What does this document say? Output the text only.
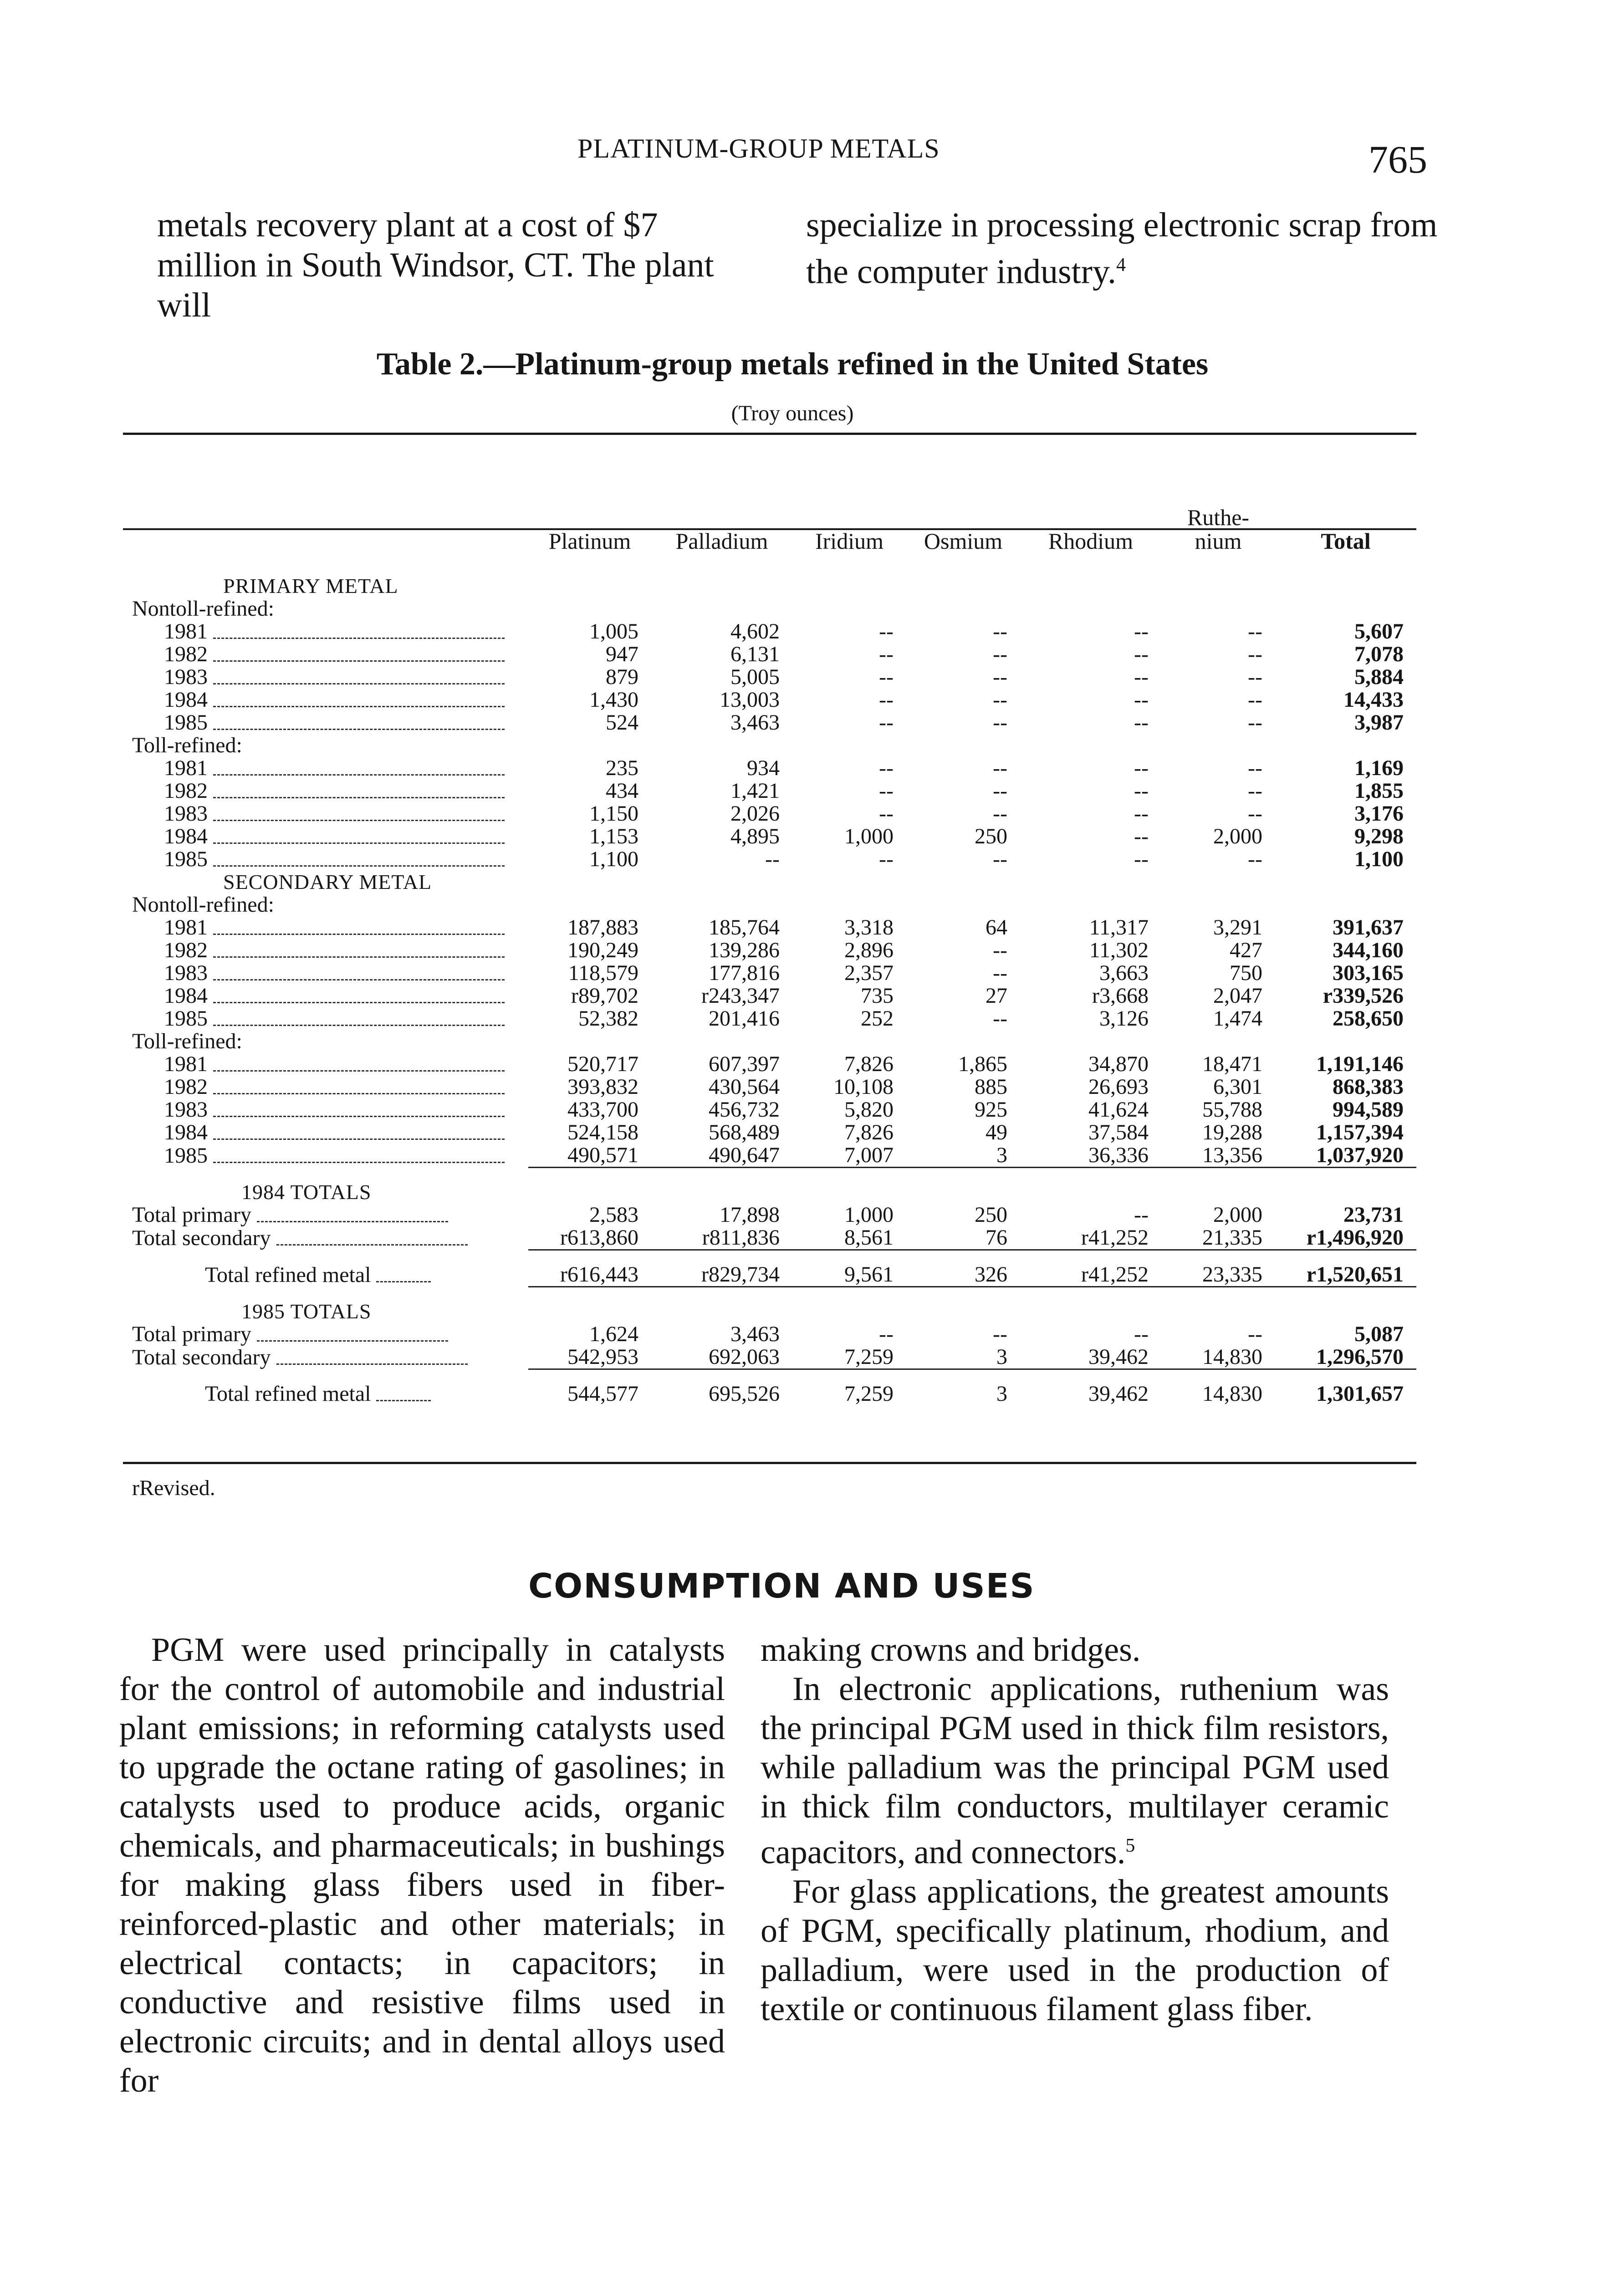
PLATINUM-GROUP METALS	765
metals recovery plant at a cost of $7 million in South Windsor, CT. The plant will
specialize in processing electronic scrap from the computer industry.$^4$
Table 2.—Platinum-group metals refined in the United States
(Troy ounces)
	Platinum	Palladium	Iridium	Osmium	Rhodium	Ruthe-
nium	Total

PRIMARY METAL							
Nontoll-refined:							
1981	1,005	4,602	--	--	--	--	5,607
1982	947	6,131	--	--	--	--	7,078
1983	879	5,005	--	--	--	--	5,884
1984	1,430	13,003	--	--	--	--	14,433
1985	524	3,463	--	--	--	--	3,987
Toll-refined:							
1981	235	934	--	--	--	--	1,169
1982	434	1,421	--	--	--	--	1,855
1983	1,150	2,026	--	--	--	--	3,176
1984	1,153	4,895	1,000	250	--	2,000	9,298
1985	1,100	--	--	--	--	--	1,100
SECONDARY METAL							
Nontoll-refined:							
1981	187,883	185,764	3,318	64	11,317	3,291	391,637
1982	190,249	139,286	2,896	--	11,302	427	344,160
1983	118,579	177,816	2,357	--	3,663	750	303,165
1984	r89,702	r243,347	735	27	r3,668	2,047	r339,526
1985	52,382	201,416	252	--	3,126	1,474	258,650
Toll-refined:							
1981	520,717	607,397	7,826	1,865	34,870	18,471	1,191,146
1982	393,832	430,564	10,108	885	26,693	6,301	868,383
1983	433,700	456,732	5,820	925	41,624	55,788	994,589
1984	524,158	568,489	7,826	49	37,584	19,288	1,157,394
1985	490,571	490,647	7,007	3	36,336	13,356	1,037,920

1984 TOTALS							
Total primary	2,583	17,898	1,000	250	--	2,000	23,731
Total secondary	r613,860	r811,836	8,561	76	r41,252	21,335	r1,496,920

Total refined metal	r616,443	r829,734	9,561	326	r41,252	23,335	r1,520,651

1985 TOTALS							
Total primary	1,624	3,463	--	--	--	--	5,087
Total secondary	542,953	692,063	7,259	3	39,462	14,830	1,296,570

Total refined metal	544,577	695,526	7,259	3	39,462	14,830	1,301,657
rRevised.
CONSUMPTION AND USES

PGM were used principally in catalysts for the control of automobile and industrial plant emissions; in reforming catalysts used to upgrade the octane rating of gasolines; in catalysts used to produce acids, organic chemicals, and pharmaceuticals; in bushings for making glass fibers used in fiber-reinforced-plastic and other materials; in electrical contacts; in capacitors; in conductive and resistive films used in electronic circuits; and in dental alloys used for

making crowns and bridges.

In electronic applications, ruthenium was the principal PGM used in thick film resistors, while palladium was the principal PGM used in thick film conductors, multilayer ceramic capacitors, and connectors.$^5$

For glass applications, the greatest amounts of PGM, specifically platinum, rhodium, and palladium, were used in the production of textile or continuous filament glass fiber.
